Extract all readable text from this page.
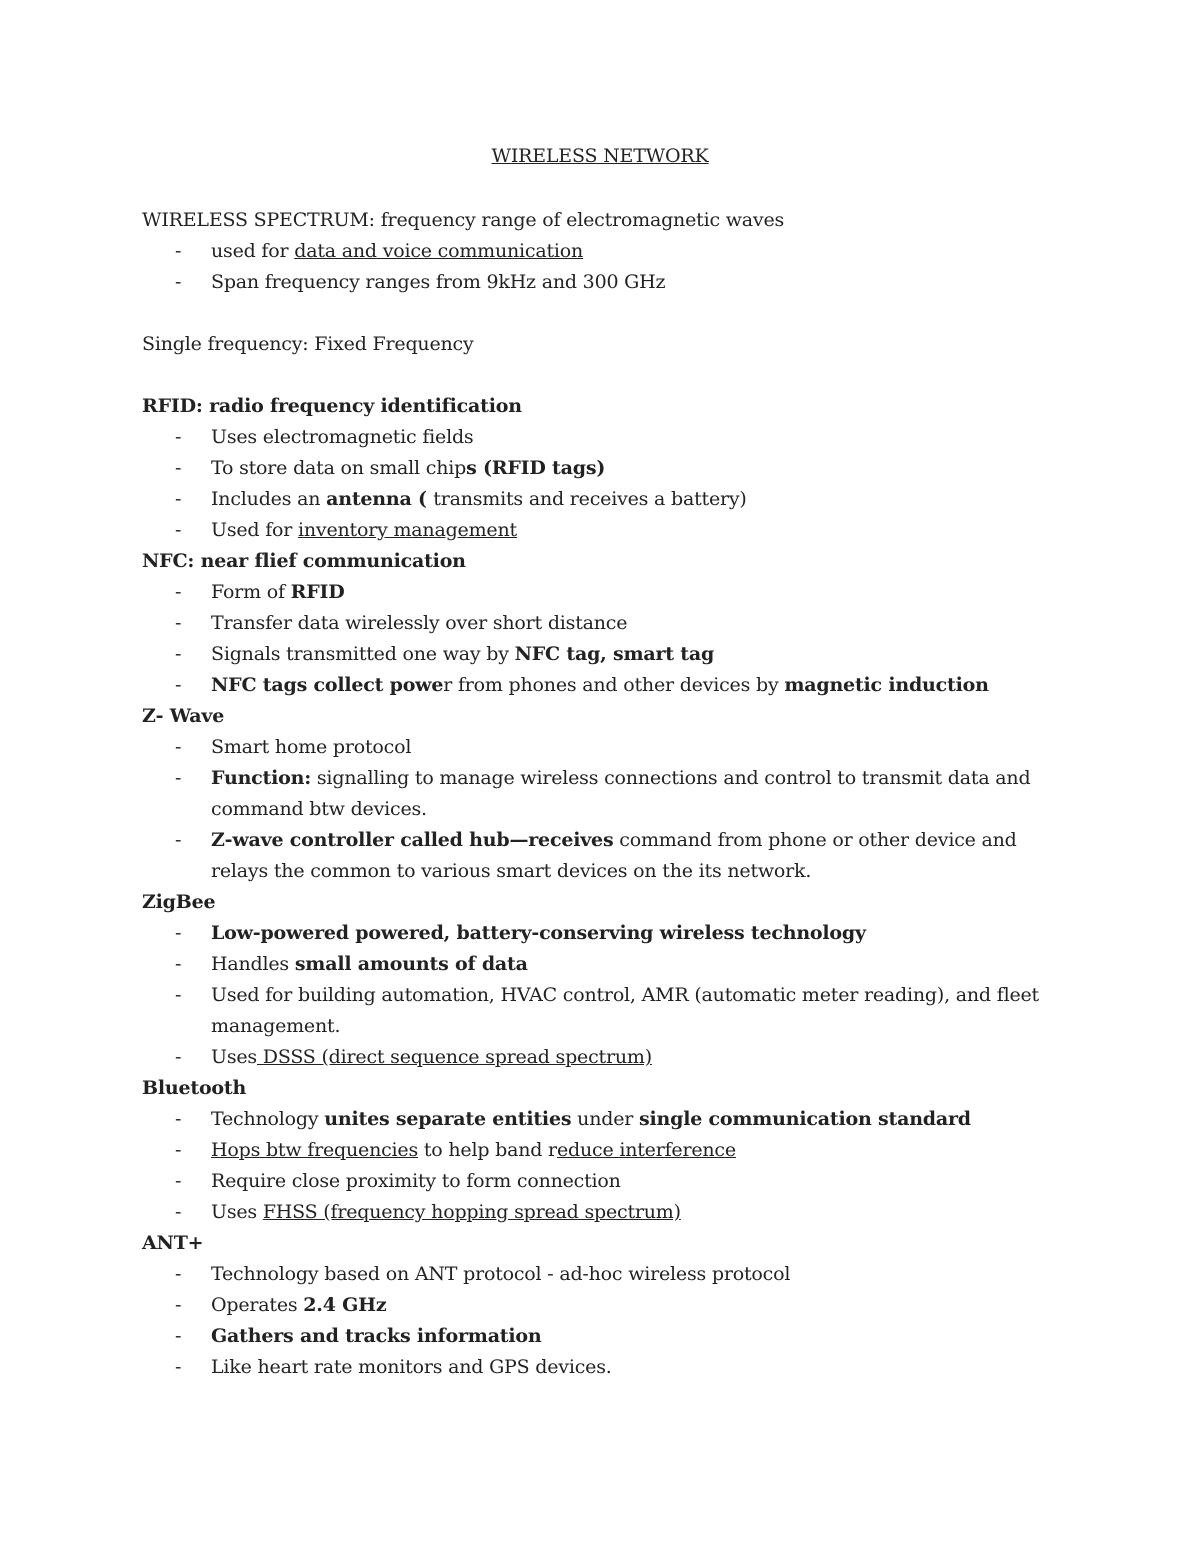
WIRELESS NETWORK

WIRELESS SPECTRUM: frequency range of electromagnetic waves

- used for data and voice communication

- Span frequency ranges from 9kHz and 300 GHz

Single frequency: Fixed Frequency

RFID: radio frequency identification

- Uses electromagnetic fields

- To store data on small chips (RFID tags)

- Includes an antenna ( transmits and receives a battery)

- Used for inventory management

NFC: near flief communication

- Form of RFID

- Transfer data wirelessly over short distance

- Signals transmitted one way by NFC tag, smart tag

- NFC tags collect power from phones and other devices by magnetic induction

Z- Wave

- Smart home protocol

- Function: signalling to manage wireless connections and control to transmit data and command btw devices.

- Z-wave controller called hub—receives command from phone or other device and relays the common to various smart devices on the its network.

ZigBee

- Low-powered powered, battery-conserving wireless technology

- Handles small amounts of data

- Used for building automation, HVAC control, AMR (automatic meter reading), and fleet management.

- Uses DSSS (direct sequence spread spectrum)

Bluetooth

- Technology unites separate entities under single communication standard

- Hops btw frequencies to help band reduce interference

- Require close proximity to form connection

- Uses FHSS (frequency hopping spread spectrum)

ANT+

- Technology based on ANT protocol - ad-hoc wireless protocol

- Operates 2.4 GHz

- Gathers and tracks information

- Like heart rate monitors and GPS devices.
